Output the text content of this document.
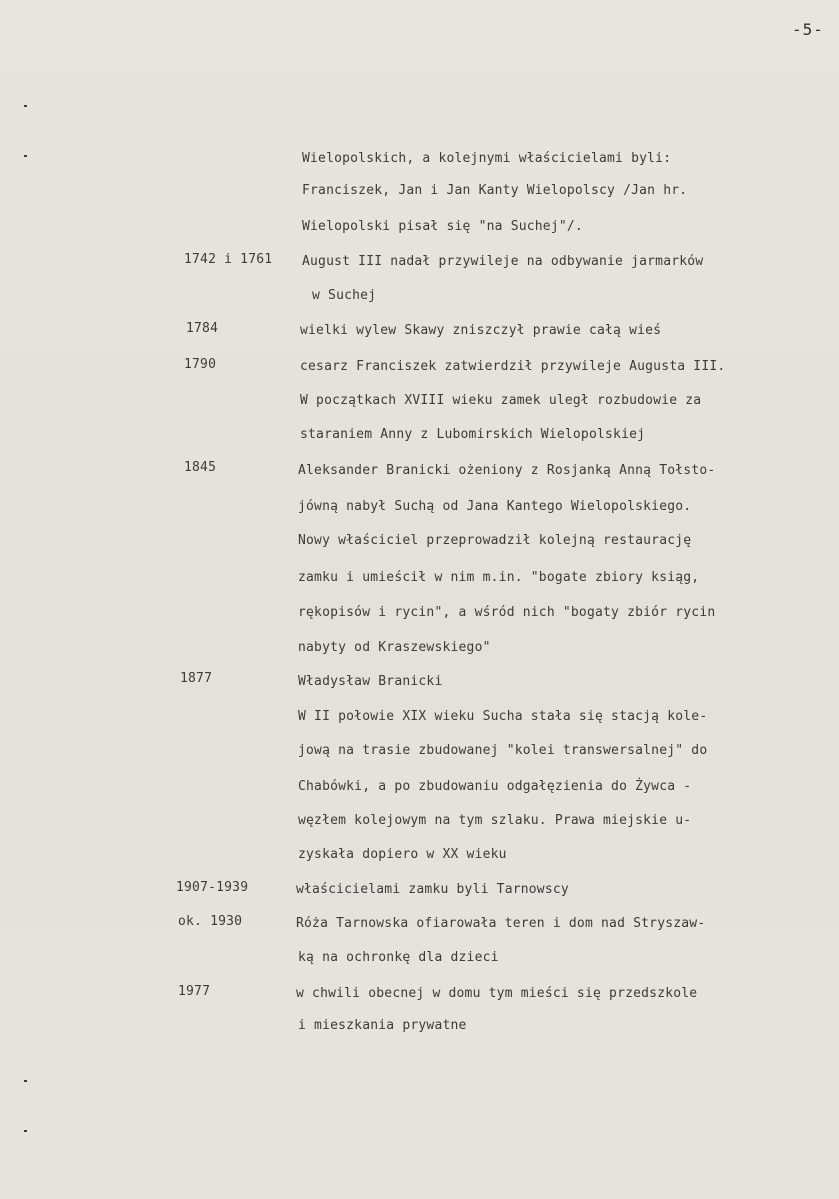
-5-
Wielopolskich, a kolejnymi właścicielami byli:
Franciszek, Jan i Jan Kanty Wielopolscy /Jan hr.
Wielopolski pisał się "na Suchej"/.
1742 i 1761 August III nadał przywileje na odbywanie jarmarków
w Suchej
1784	wielki wylew Skawy zniszczył prawie całą wieś
1790	cesarz Franciszek zatwierdził przywileje Augusta III.
W początkach XVIII wieku zamek uległ rozbudowie za
staraniem Anny z Lubomirskich Wielopolskiej
1845	Aleksander Branicki ożeniony z Rosjanką Anną Tołsto-
jówną nabył Suchą od Jana Kantego Wielopolskiego.
Nowy właściciel przeprowadził kolejną restaurację
zamku i umieścił w nim m.in. "bogate zbiory ksiąg,
rękopisów i rycin", a wśród nich "bogaty zbiór rycin
nabyty od Kraszewskiego"
1877	Władysław Branicki
W II połowie XIX wieku Sucha stała się stacją kole-
jową na trasie zbudowanej "kolei transwersalnej" do
Chabówki, a po zbudowaniu odgałęzienia do Żywca -
węzłem kolejowym na tym szlaku. Prawa miejskie u-
zyskała dopiero w XX wieku
1907-1939	właścicielami zamku byli Tarnowscy
ok. 1930	Róża Tarnowska ofiarowała teren i dom nad Stryszaw-
ką na ochronkę dla dzieci
1977	w chwili obecnej w domu tym mieści się przedszkole
i mieszkania prywatne
